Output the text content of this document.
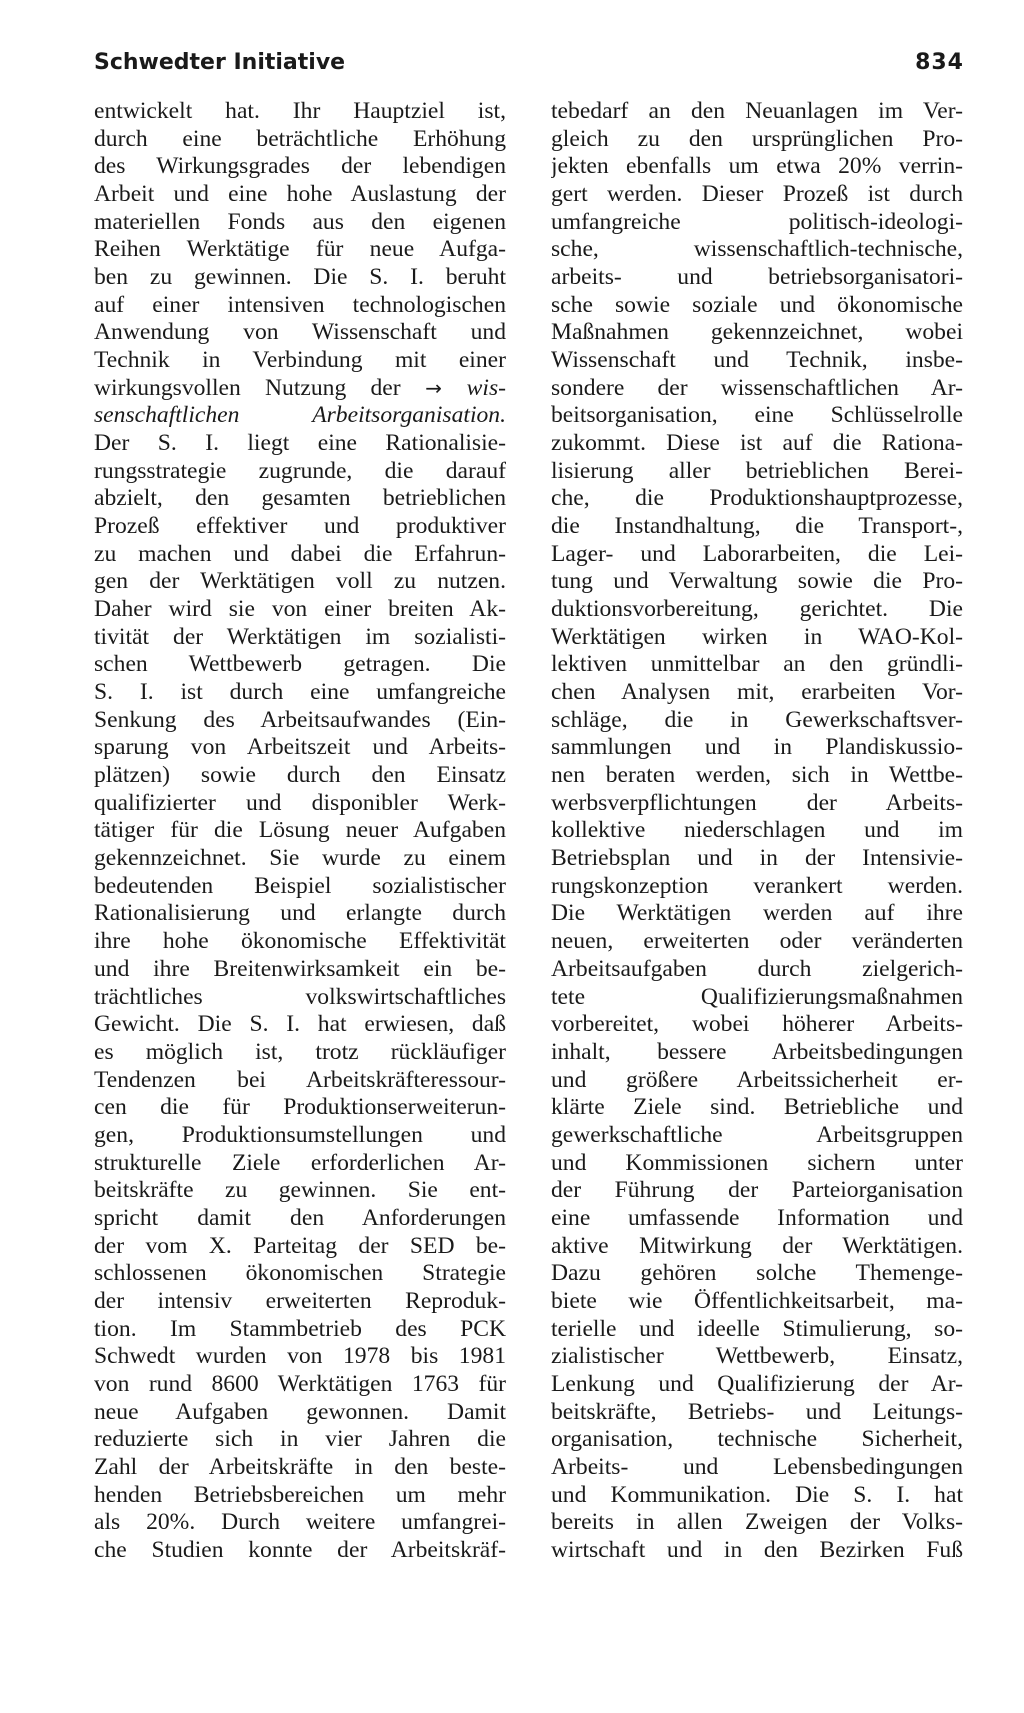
Schwedter Initiative	834
entwickelt hat. Ihr Hauptziel ist,
durch eine beträchtliche Erhöhung
des Wirkungsgrades der lebendigen
Arbeit und eine hohe Auslastung der
materiellen Fonds aus den eigenen
Reihen Werktätige für neue Aufga-
ben zu gewinnen. Die S. I. beruht
auf einer intensiven technologischen
Anwendung von Wissenschaft und
Technik in Verbindung mit einer
wirkungsvollen Nutzung der → wis-
senschaftlichen Arbeitsorganisation.
Der S. I. liegt eine Rationalisie-
rungsstrategie zugrunde, die darauf
abzielt, den gesamten betrieblichen
Prozeß effektiver und produktiver
zu machen und dabei die Erfahrun-
gen der Werktätigen voll zu nutzen.
Daher wird sie von einer breiten Ak-
tivität der Werktätigen im sozialisti-
schen Wettbewerb getragen. Die
S. I. ist durch eine umfangreiche
Senkung des Arbeitsaufwandes (Ein-
sparung von Arbeitszeit und Arbeits-
plätzen) sowie durch den Einsatz
qualifizierter und disponibler Werk-
tätiger für die Lösung neuer Aufgaben
gekennzeichnet. Sie wurde zu einem
bedeutenden Beispiel sozialistischer
Rationalisierung und erlangte durch
ihre hohe ökonomische Effektivität
und ihre Breitenwirksamkeit ein be-
trächtliches volkswirtschaftliches
Gewicht. Die S. I. hat erwiesen, daß
es möglich ist, trotz rückläufiger
Tendenzen bei Arbeitskräfteressour-
cen die für Produktionserweiterun-
gen, Produktionsumstellungen und
strukturelle Ziele erforderlichen Ar-
beitskräfte zu gewinnen. Sie ent-
spricht damit den Anforderungen
der vom X. Parteitag der SED be-
schlossenen ökonomischen Strategie
der intensiv erweiterten Reproduk-
tion. Im Stammbetrieb des PCK
Schwedt wurden von 1978 bis 1981
von rund 8600 Werktätigen 1763 für
neue Aufgaben gewonnen. Damit
reduzierte sich in vier Jahren die
Zahl der Arbeitskräfte in den beste-
henden Betriebsbereichen um mehr
als 20%. Durch weitere umfangrei-
che Studien konnte der Arbeitskräf-
tebedarf an den Neuanlagen im Ver-
gleich zu den ursprünglichen Pro-
jekten ebenfalls um etwa 20% verrin-
gert werden. Dieser Prozeß ist durch
umfangreiche politisch-ideologi-
sche, wissenschaftlich-technische,
arbeits- und betriebsorganisatori-
sche sowie soziale und ökonomische
Maßnahmen gekennzeichnet, wobei
Wissenschaft und Technik, insbe-
sondere der wissenschaftlichen Ar-
beitsorganisation, eine Schlüsselrolle
zukommt. Diese ist auf die Rationa-
lisierung aller betrieblichen Berei-
che, die Produktionshauptprozesse,
die Instandhaltung, die Transport-,
Lager- und Laborarbeiten, die Lei-
tung und Verwaltung sowie die Pro-
duktionsvorbereitung, gerichtet. Die
Werktätigen wirken in WAO-Kol-
lektiven unmittelbar an den gründli-
chen Analysen mit, erarbeiten Vor-
schläge, die in Gewerkschaftsver-
sammlungen und in Plandiskussio-
nen beraten werden, sich in Wettbe-
werbsverpflichtungen der Arbeits-
kollektive niederschlagen und im
Betriebsplan und in der Intensivie-
rungskonzeption verankert werden.
Die Werktätigen werden auf ihre
neuen, erweiterten oder veränderten
Arbeitsaufgaben durch zielgerich-
tete Qualifizierungsmaßnahmen
vorbereitet, wobei höherer Arbeits-
inhalt, bessere Arbeitsbedingungen
und größere Arbeitssicherheit er-
klärte Ziele sind. Betriebliche und
gewerkschaftliche Arbeitsgruppen
und Kommissionen sichern unter
der Führung der Parteiorganisation
eine umfassende Information und
aktive Mitwirkung der Werktätigen.
Dazu gehören solche Themenge-
biete wie Öffentlichkeitsarbeit, ma-
terielle und ideelle Stimulierung, so-
zialistischer Wettbewerb, Einsatz,
Lenkung und Qualifizierung der Ar-
beitskräfte, Betriebs- und Leitungs-
organisation, technische Sicherheit,
Arbeits- und Lebensbedingungen
und Kommunikation. Die S. I. hat
bereits in allen Zweigen der Volks-
wirtschaft und in den Bezirken Fuß
